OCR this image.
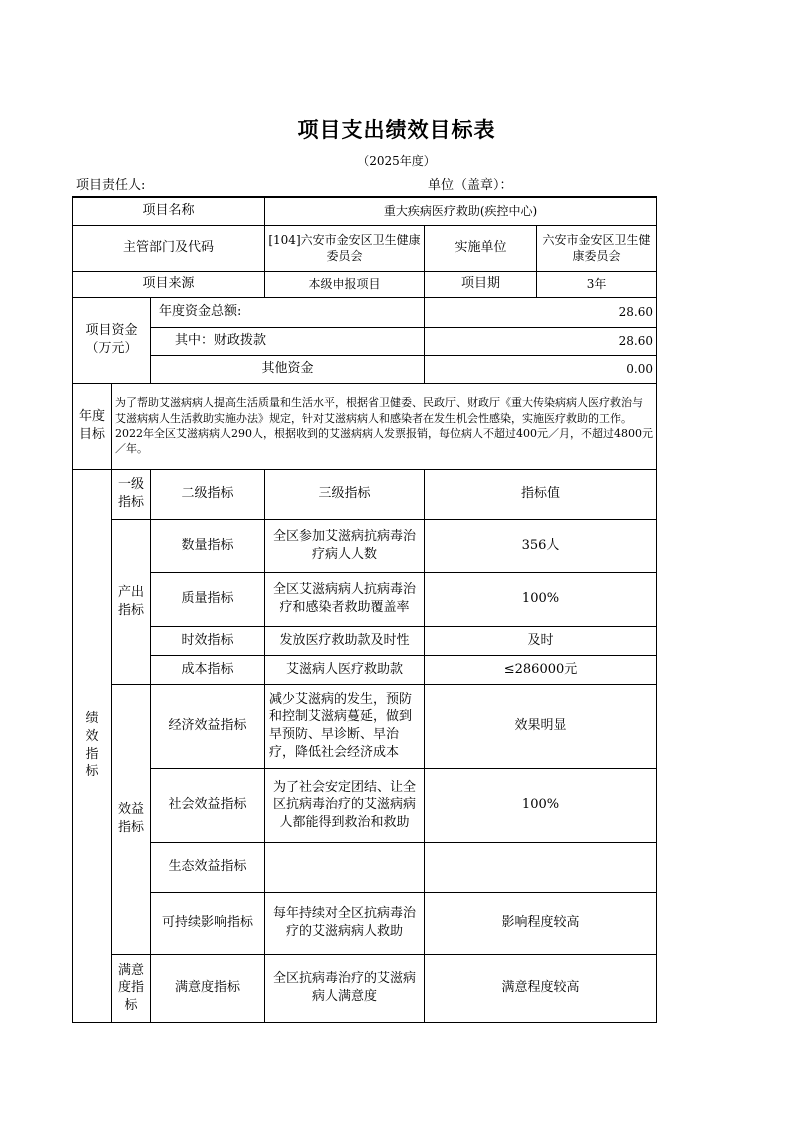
项目支出绩效目标表
（2025年度）
项目责任人:	单位（盖章）：
项目名称			重大疾病医疗救助(疾控中心)		
主管部门及代码			[104]六安市金安区卫生健康委员会	实施单位	六安市金安区卫生健康委员会
项目来源			本级申报项目	项目期	3年
项目资金（万元）		年度资金总额:		28.60	
		其中：财政拨款		28.60	
		其他资金		0.00	
年度目标	为了帮助艾滋病病人提高生活质量和生活水平，根据省卫健委、民政厅、财政厅《重大传染病病人医疗救治与艾滋病病人生活救助实施办法》规定，针对艾滋病病人和感染者在发生机会性感染，实施医疗救助的工作。2022年全区艾滋病病人290人，根据收到的艾滋病病人发票报销，每位病人不超过400元／月，不超过4800元／年。				
绩效指标	一级指标	二级指标	三级指标	指标值	
	产出指标	数量指标	全区参加艾滋病抗病毒治疗病人人数	356人	
		质量指标	全区艾滋病病人抗病毒治疗和感染者救助覆盖率	100%	
		时效指标	发放医疗救助款及时性	及时	
		成本指标	艾滋病人医疗救助款	≤286000元	
	效益指标	经济效益指标	减少艾滋病的发生，预防和控制艾滋病蔓延，做到早预防、早诊断、早治疗，降低社会经济成本	效果明显	
		社会效益指标	为了社会安定团结、让全区抗病毒治疗的艾滋病病人都能得到救治和救助	100%	
		生态效益指标			
		可持续影响指标	每年持续对全区抗病毒治疗的艾滋病病人救助	影响程度较高	
	满意度指标	满意度指标	全区抗病毒治疗的艾滋病病人满意度	满意程度较高	
